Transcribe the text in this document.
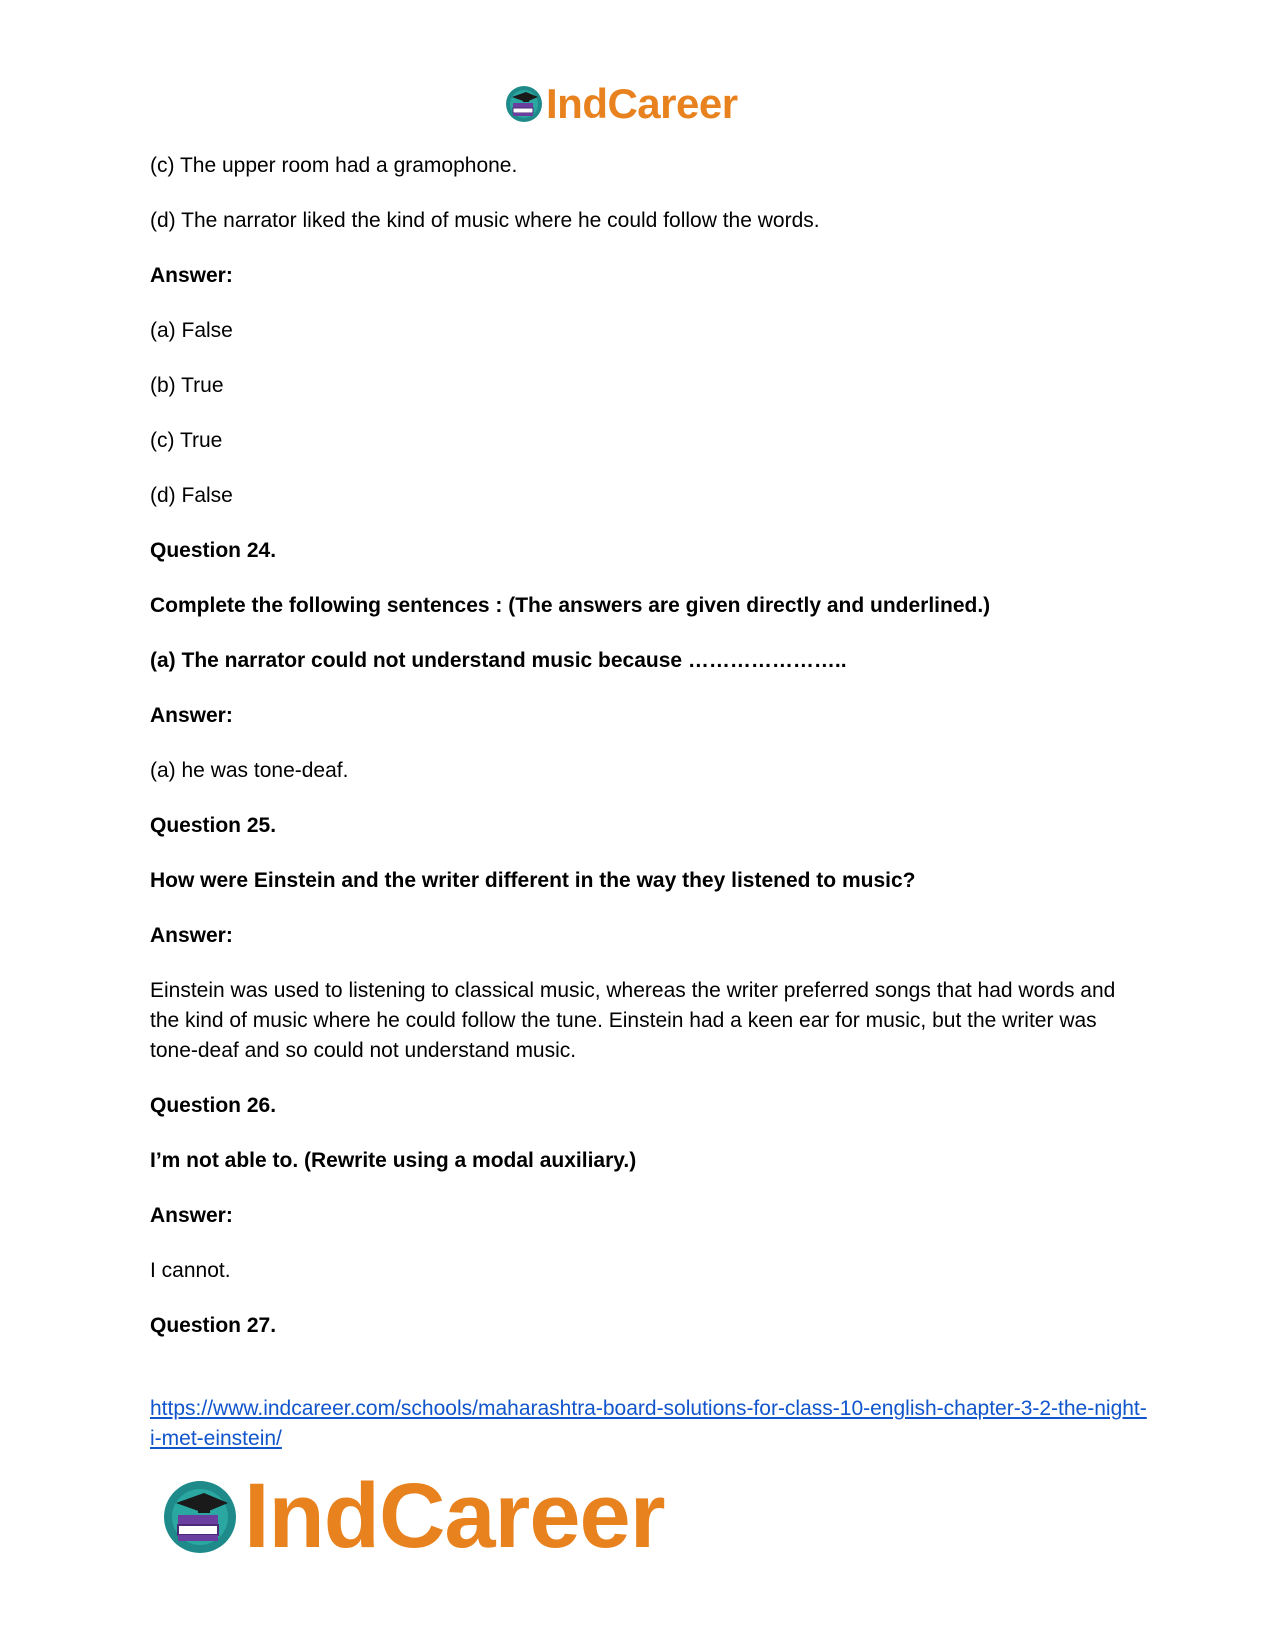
IndCareer
(c) The upper room had a gramophone.
(d) The narrator liked the kind of music where he could follow the words.
Answer:
(a) False
(b) True
(c) True
(d) False
Question 24.
Complete the following sentences : (The answers are given directly and underlined.)
(a) The narrator could not understand music because …………………..
Answer:
(a) he was tone-deaf.
Question 25.
How were Einstein and the writer different in the way they listened to music?
Answer:
Einstein was used to listening to classical music, whereas the writer preferred songs that had words and the kind of music where he could follow the tune. Einstein had a keen ear for music, but the writer was tone-deaf and so could not understand music.
Question 26.
I’m not able to. (Rewrite using a modal auxiliary.)
Answer:
I cannot.
Question 27.
https://www.indcareer.com/schools/maharashtra-board-solutions-for-class-10-english-chapter-3-2-the-night-i-met-einstein/
IndCareer
